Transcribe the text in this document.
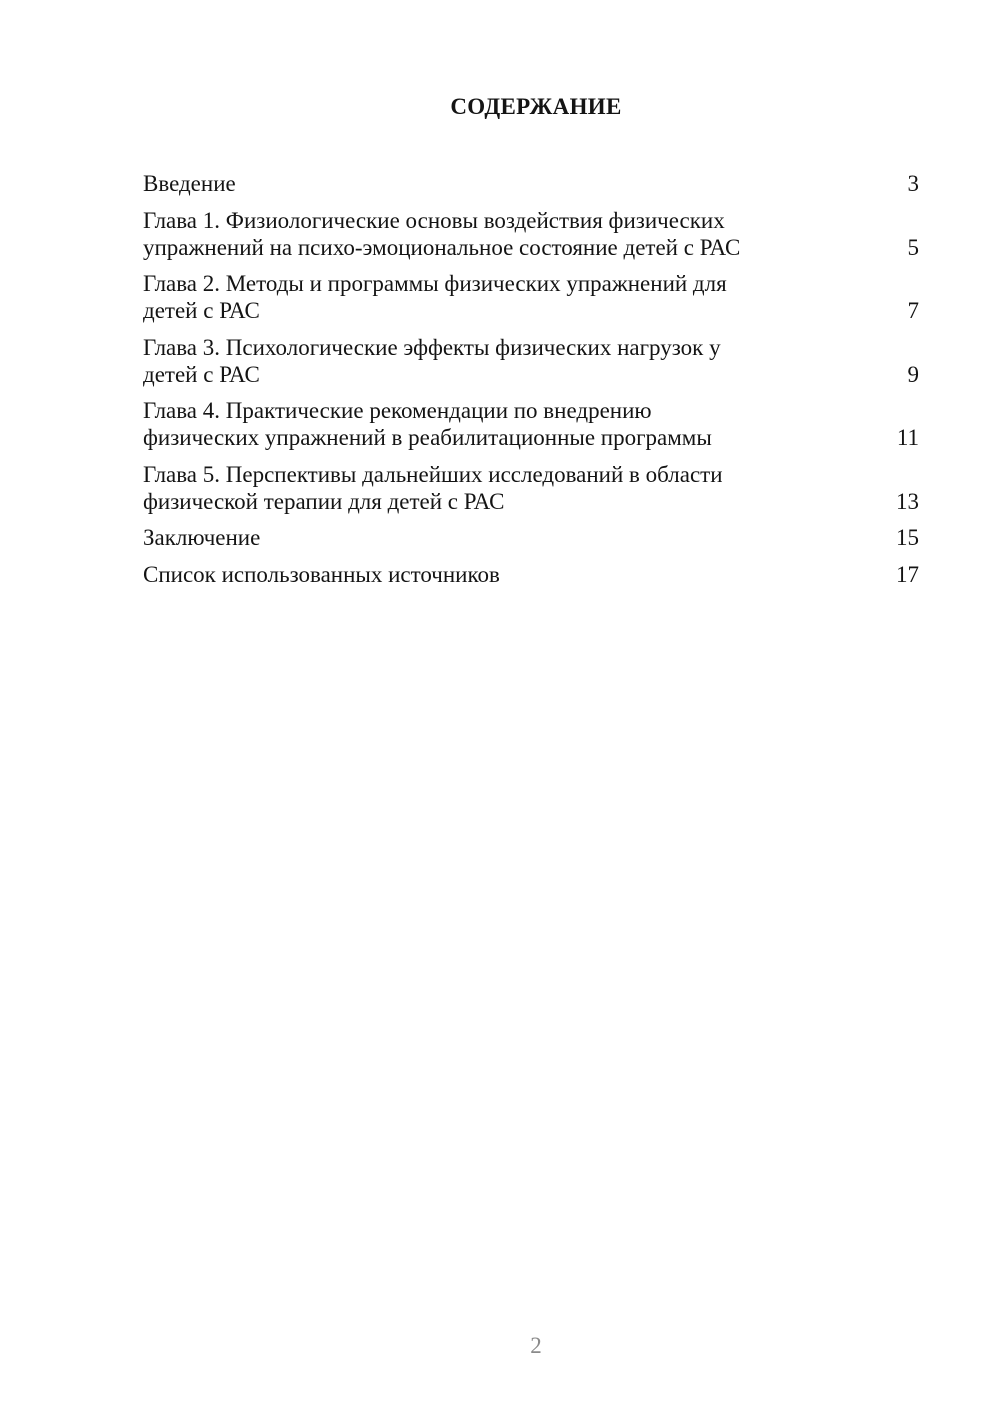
СОДЕРЖАНИЕ
Введение	3
Глава 1. Физиологические основы воздействия физических
упражнений на психо-эмоциональное состояние детей с РАС	5
Глава 2. Методы и программы физических упражнений для
детей с РАС	7
Глава 3. Психологические эффекты физических нагрузок у
детей с РАС	9
Глава 4. Практические рекомендации по внедрению
физических упражнений в реабилитационные программы	11
Глава 5. Перспективы дальнейших исследований в области
физической терапии для детей с РАС	13
Заключение	15
Список использованных источников	17
2
